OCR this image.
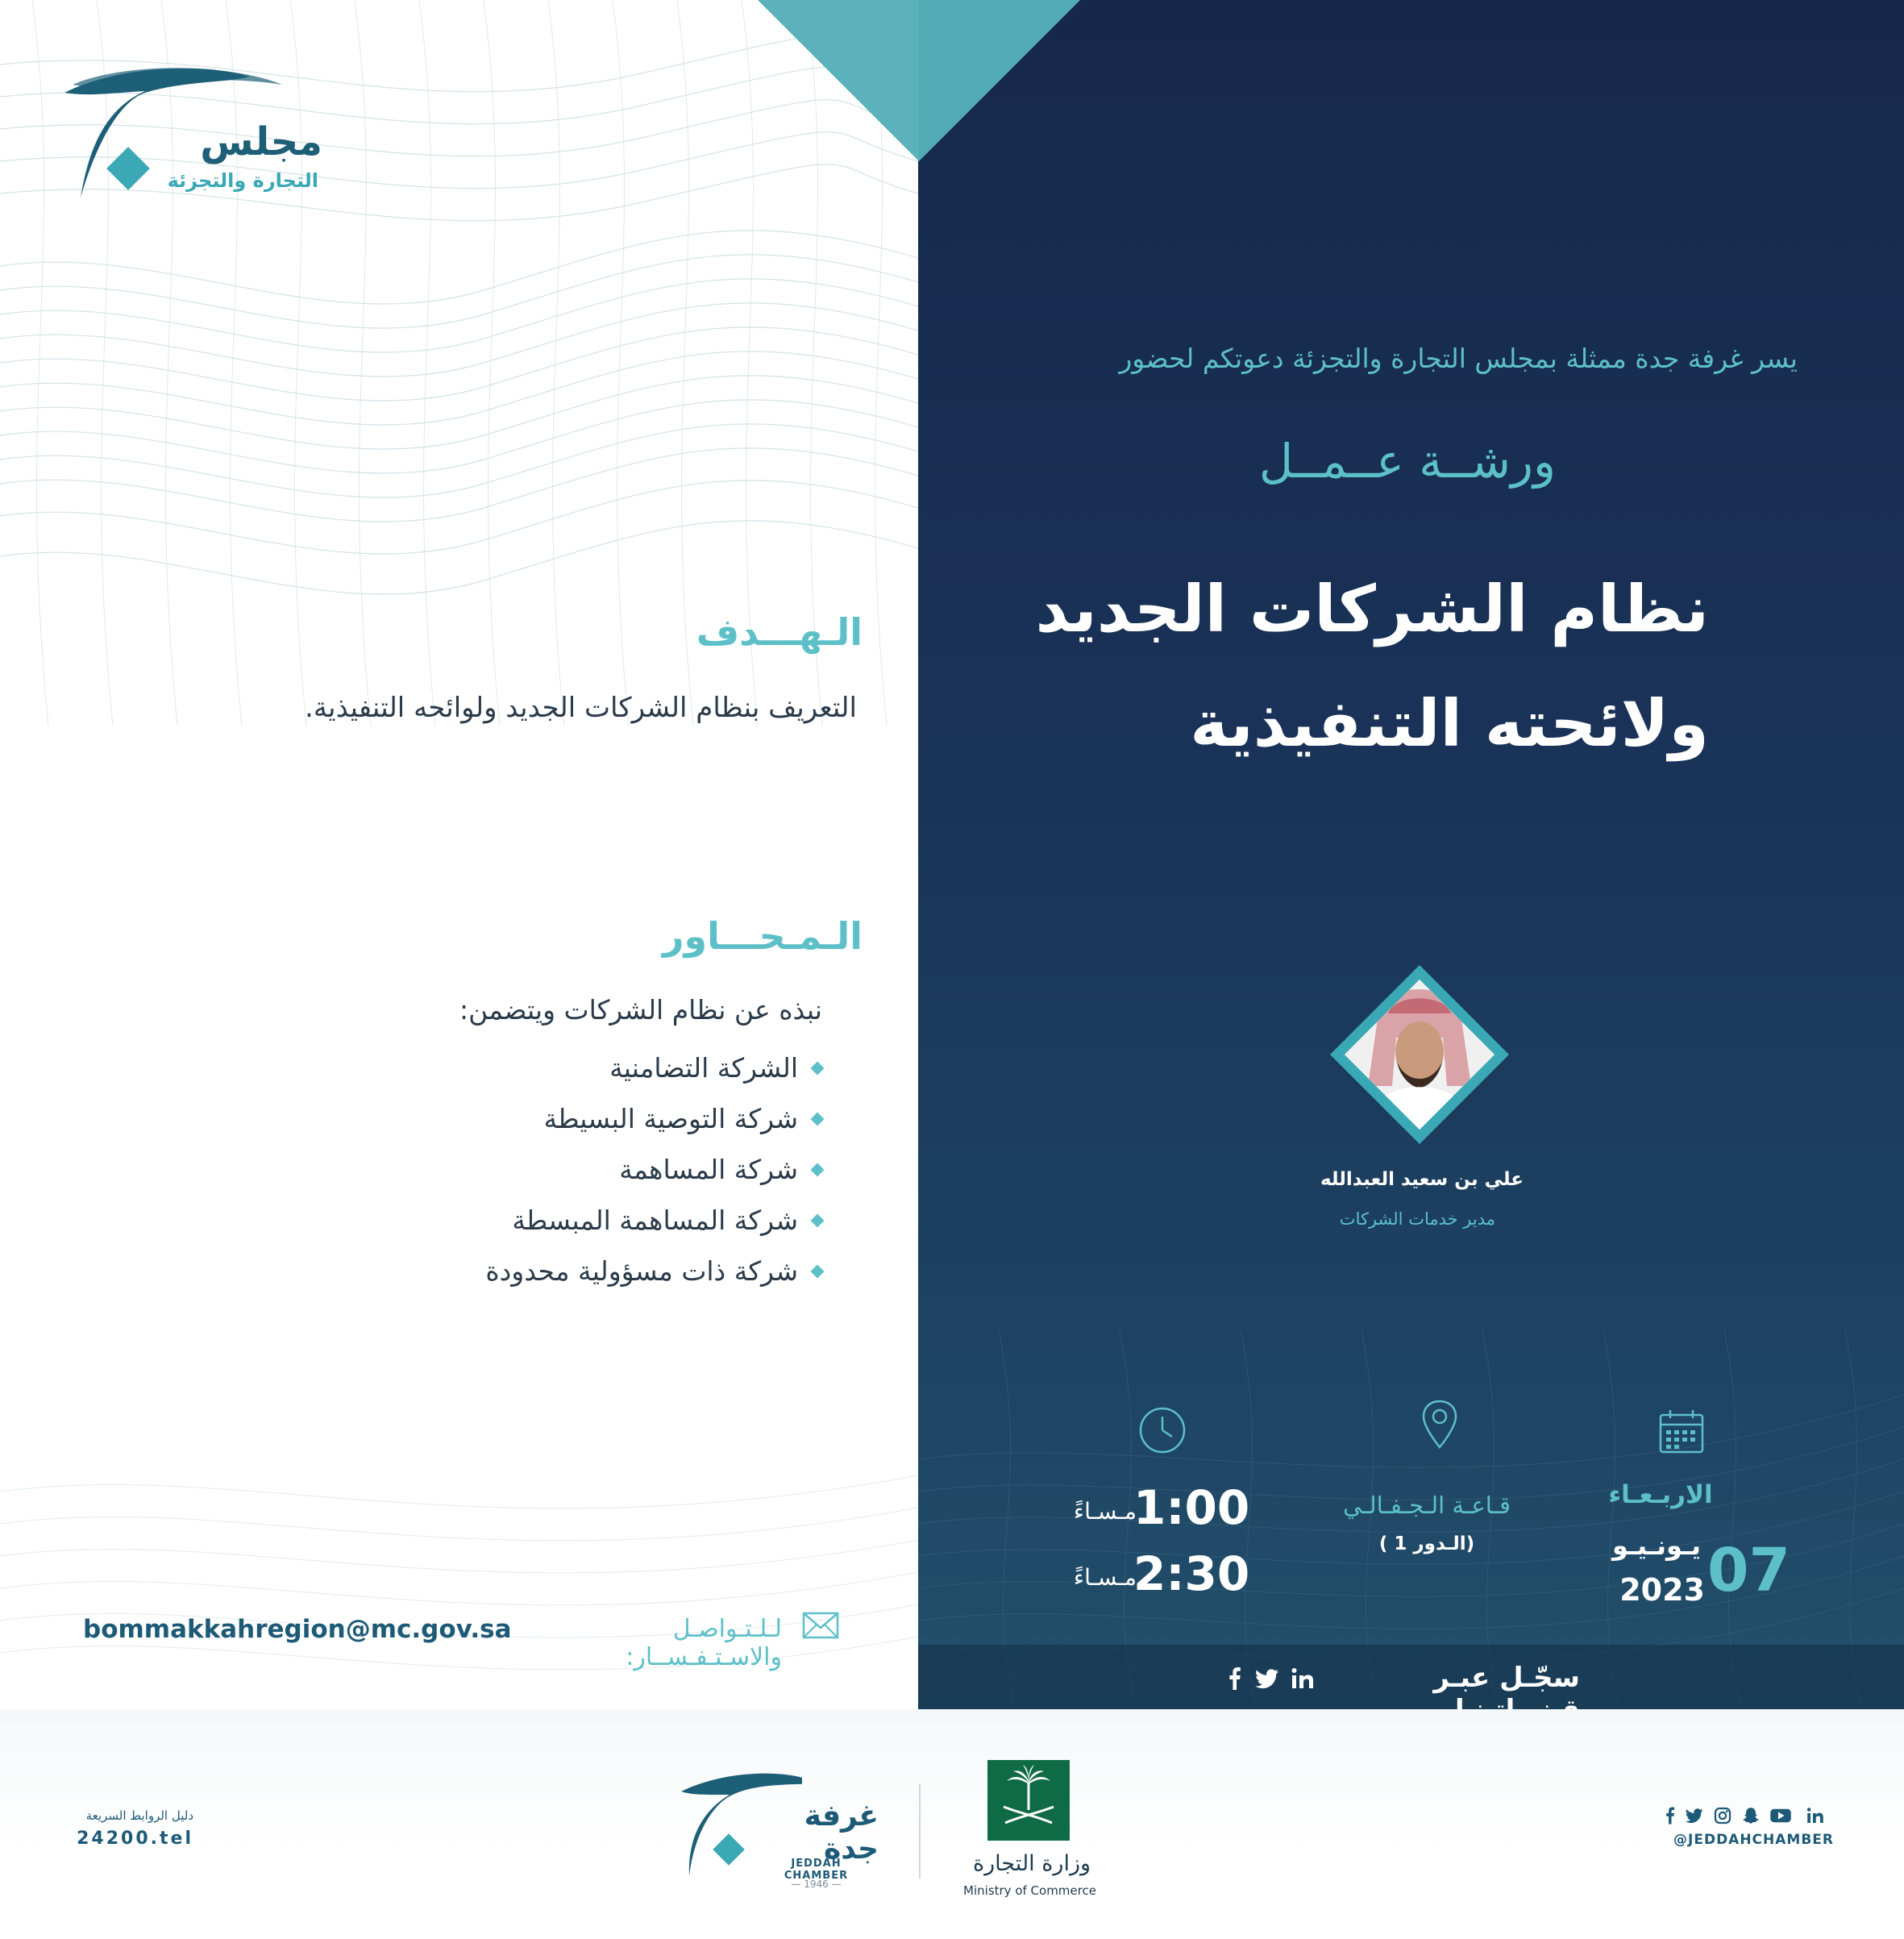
مجلس
التجارة والتجزئة
الـهـــدف
التعريف بنظام الشركات الجديد ولوائحه التنفيذية.
الـمـحـــاور
نبذه عن نظام الشركات ويتضمن:
الشركة التضامنية
شركة التوصية البسيطة
شركة المساهمة
شركة المساهمة المبسطة
شركة ذات مسؤولية محدودة
لـلـتـواصـل والاسـتـفـســار:
bommakkahregion@mc.gov.sa
يسر غرفة جدة ممثلة بمجلس التجارة والتجزئة دعوتكم لحضور
ورشــة عــمــل
نظام الشركات الجديد
ولائحته التنفيذية
علي بن سعيد العبدالله
مدير خدمات الشركات
الاربـعـاء
يـونـيـو
2023 07
قـاعـة الـجـفـالـي
(الـدور 1 )
1:00
مـسـاءً
2:30
مـسـاءً
سجّـل عبـر
غرفة جدة
JEDDAH CHAMBER
— 1946 —
وزارة التجارة
Ministry of Commerce
دليل الروابط السريعة
24200.tel	@JEDDAHCHAMBER
